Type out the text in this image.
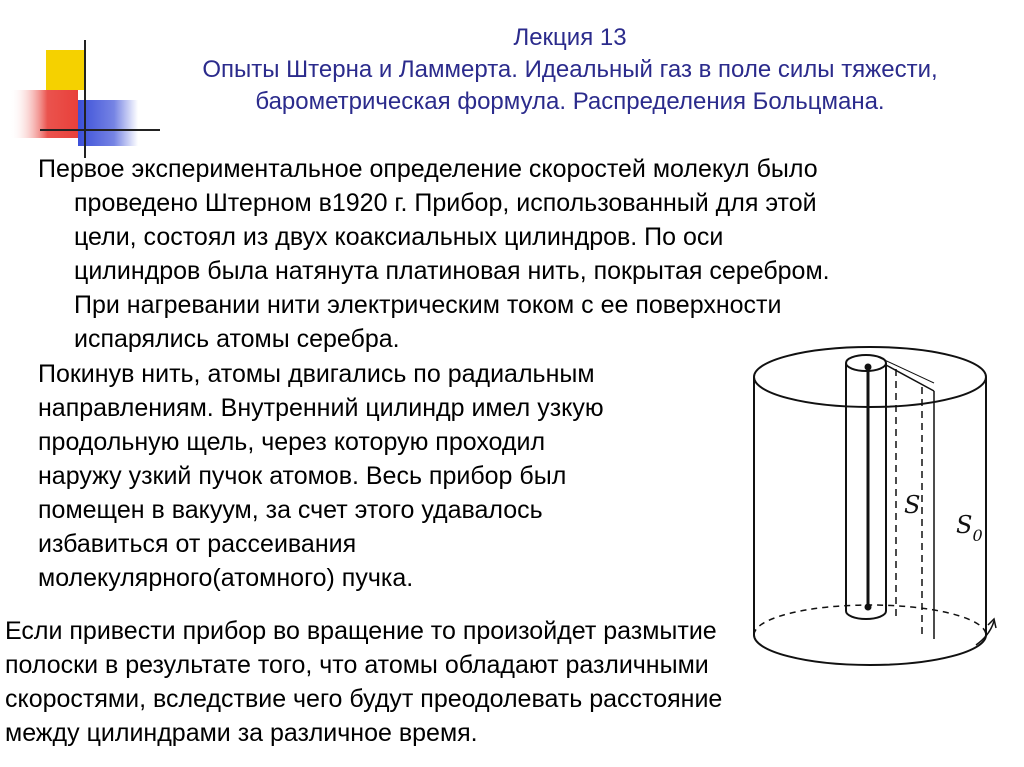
Лекция 13
Опыты Штерна и Ламмерта. Идеальный газ в поле силы тяжести,
барометрическая формула. Распределения Больцмана.
Первое экспериментальное определение скоростей молекул было
проведено Штерном в1920 г. Прибор, использованный для этой
цели, состоял из двух коаксиальных цилиндров. По оси
цилиндров была натянута платиновая нить, покрытая серебром.
При нагревании нити электрическим током с ее поверхности
испарялись атомы серебра.
Покинув нить, атомы двигались по радиальным
направлениям. Внутренний цилиндр имел узкую
продольную щель, через которую проходил
наружу узкий пучок атомов. Весь прибор был
помещен в вакуум, за счет этого удавалось
избавиться от рассеивания
молекулярного(атомного) пучка.
S
$S_0$
Если привести прибор во вращение то произойдет размытие
полоски в результате того, что атомы обладают различными
скоростями, вследствие чего будут преодолевать расстояние
между цилиндрами за различное время.
